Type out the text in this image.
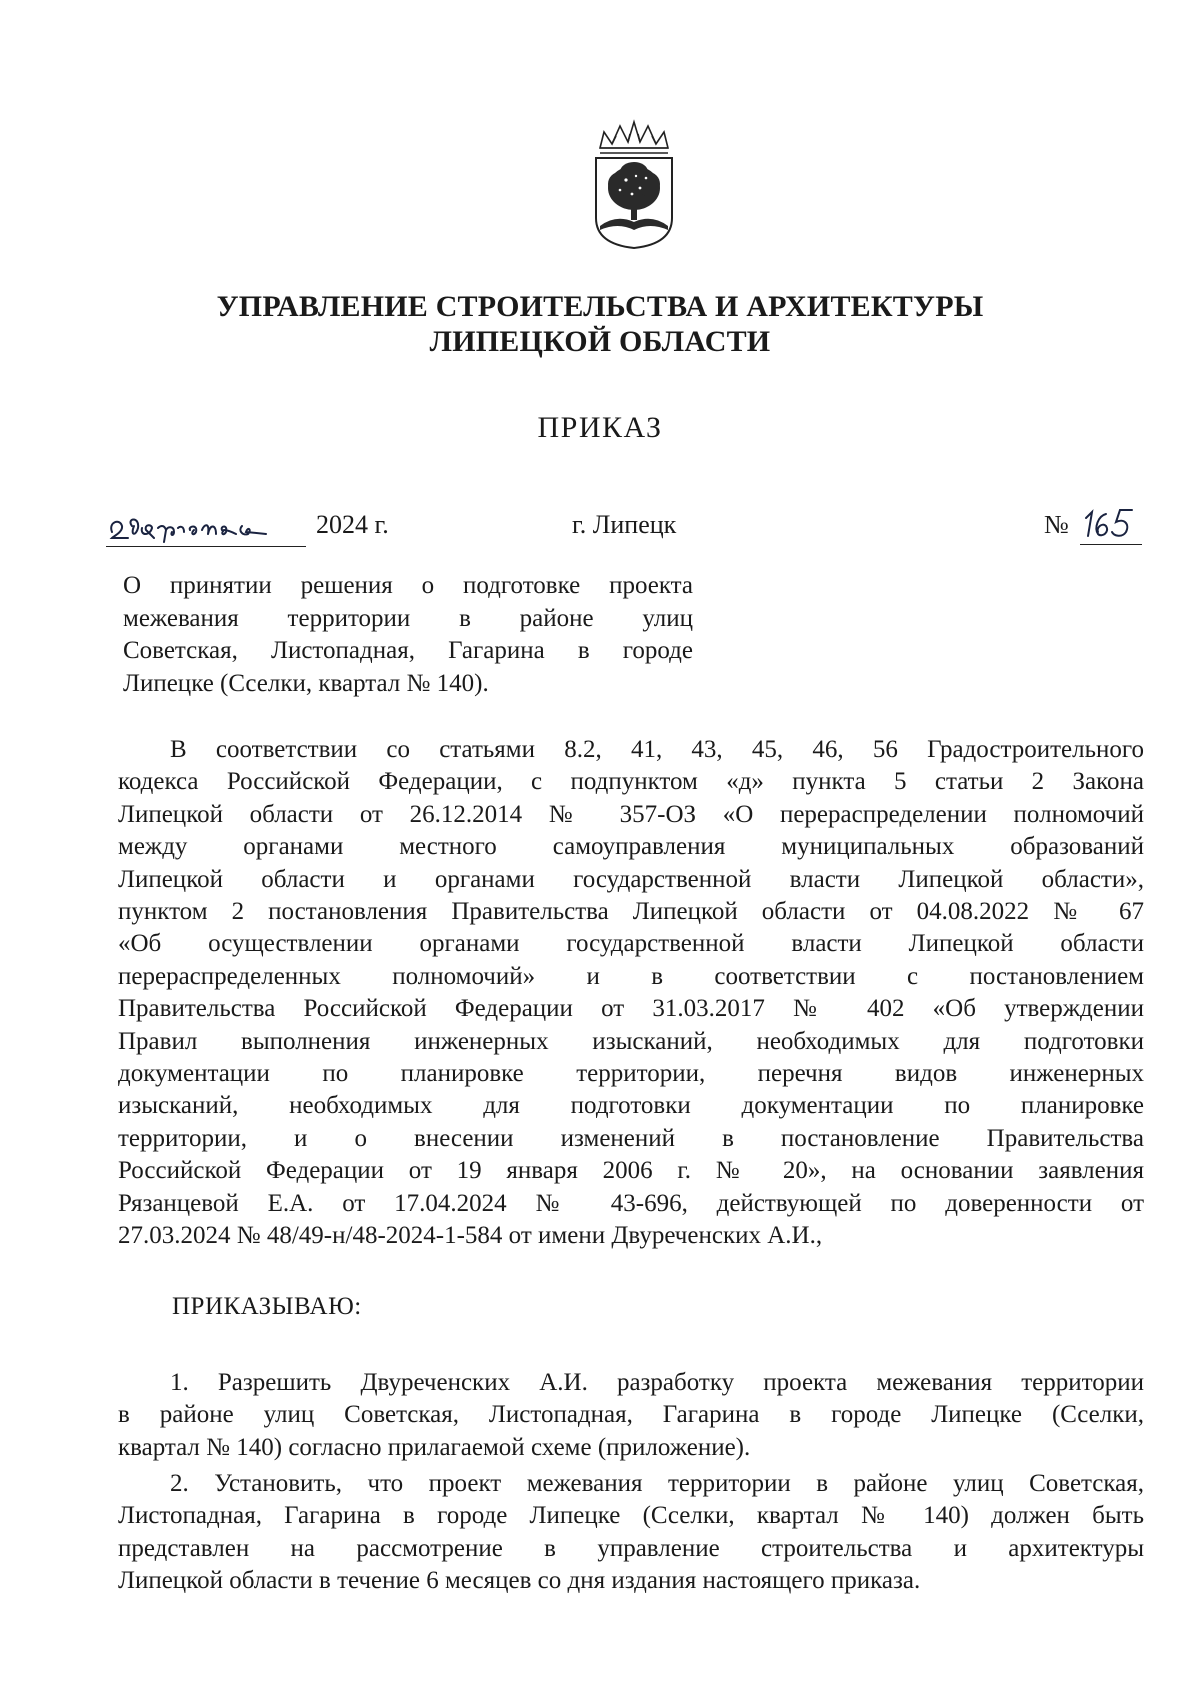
УПРАВЛЕНИЕ СТРОИТЕЛЬСТВА И АРХИТЕКТУРЫ
ЛИПЕЦКОЙ ОБЛАСТИ
ПРИКАЗ
2024 г.	г. Липецк	№
О принятии решения о подготовке проекта
межевания территории в районе улиц
Советская, Листопадная, Гагарина в городе
Липецке (Сселки, квартал № 140).
В соответствии со статьями 8.2, 41, 43, 45, 46, 56 Градостроительного
кодекса Российской Федерации, с подпунктом «д» пункта 5 статьи 2 Закона
Липецкой области от 26.12.2014 № 357-ОЗ «О перераспределении полномочий
между органами местного самоуправления муниципальных образований
Липецкой области и органами государственной власти Липецкой области»,
пунктом 2 постановления Правительства Липецкой области от 04.08.2022 № 67
«Об осуществлении органами государственной власти Липецкой области
перераспределенных полномочий» и в соответствии с постановлением
Правительства Российской Федерации от 31.03.2017 № 402 «Об утверждении
Правил выполнения инженерных изысканий, необходимых для подготовки
документации по планировке территории, перечня видов инженерных
изысканий, необходимых для подготовки документации по планировке
территории, и о внесении изменений в постановление Правительства
Российской Федерации от 19 января 2006 г. № 20», на основании заявления
Рязанцевой Е.А. от 17.04.2024 № 43-696, действующей по доверенности от
27.03.2024 № 48/49-н/48-2024-1-584 от имени Двуреченских А.И.,
ПРИКАЗЫВАЮ:
1. Разрешить Двуреченских А.И. разработку проекта межевания территории
в районе улиц Советская, Листопадная, Гагарина в городе Липецке (Сселки,
квартал № 140) согласно прилагаемой схеме (приложение).
2. Установить, что проект межевания территории в районе улиц Советская,
Листопадная, Гагарина в городе Липецке (Сселки, квартал № 140) должен быть
представлен на рассмотрение в управление строительства и архитектуры
Липецкой области в течение 6 месяцев со дня издания настоящего приказа.
